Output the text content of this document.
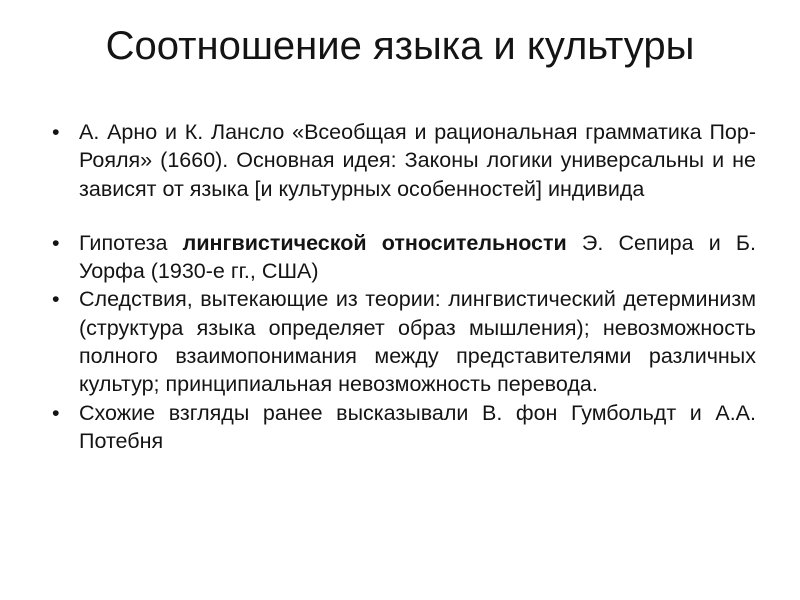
Соотношение языка и культуры
• А. Арно и К. Лансло «Всеобщая и рациональная грамматика Пор-Рояля» (1660). Основная идея: Законы логики универсальны и не зависят от языка [и культурных особенностей] индивида
• Гипотеза лингвистической относительности Э. Сепира и Б. Уорфа (1930-е гг., США)
• Следствия, вытекающие из теории: лингвистический детерминизм (структура языка определяет образ мышления); невозможность полного взаимопонимания между представителями различных культур; принципиальная невозможность перевода.
• Схожие взгляды ранее высказывали В. фон Гумбольдт и А.А. Потебня
